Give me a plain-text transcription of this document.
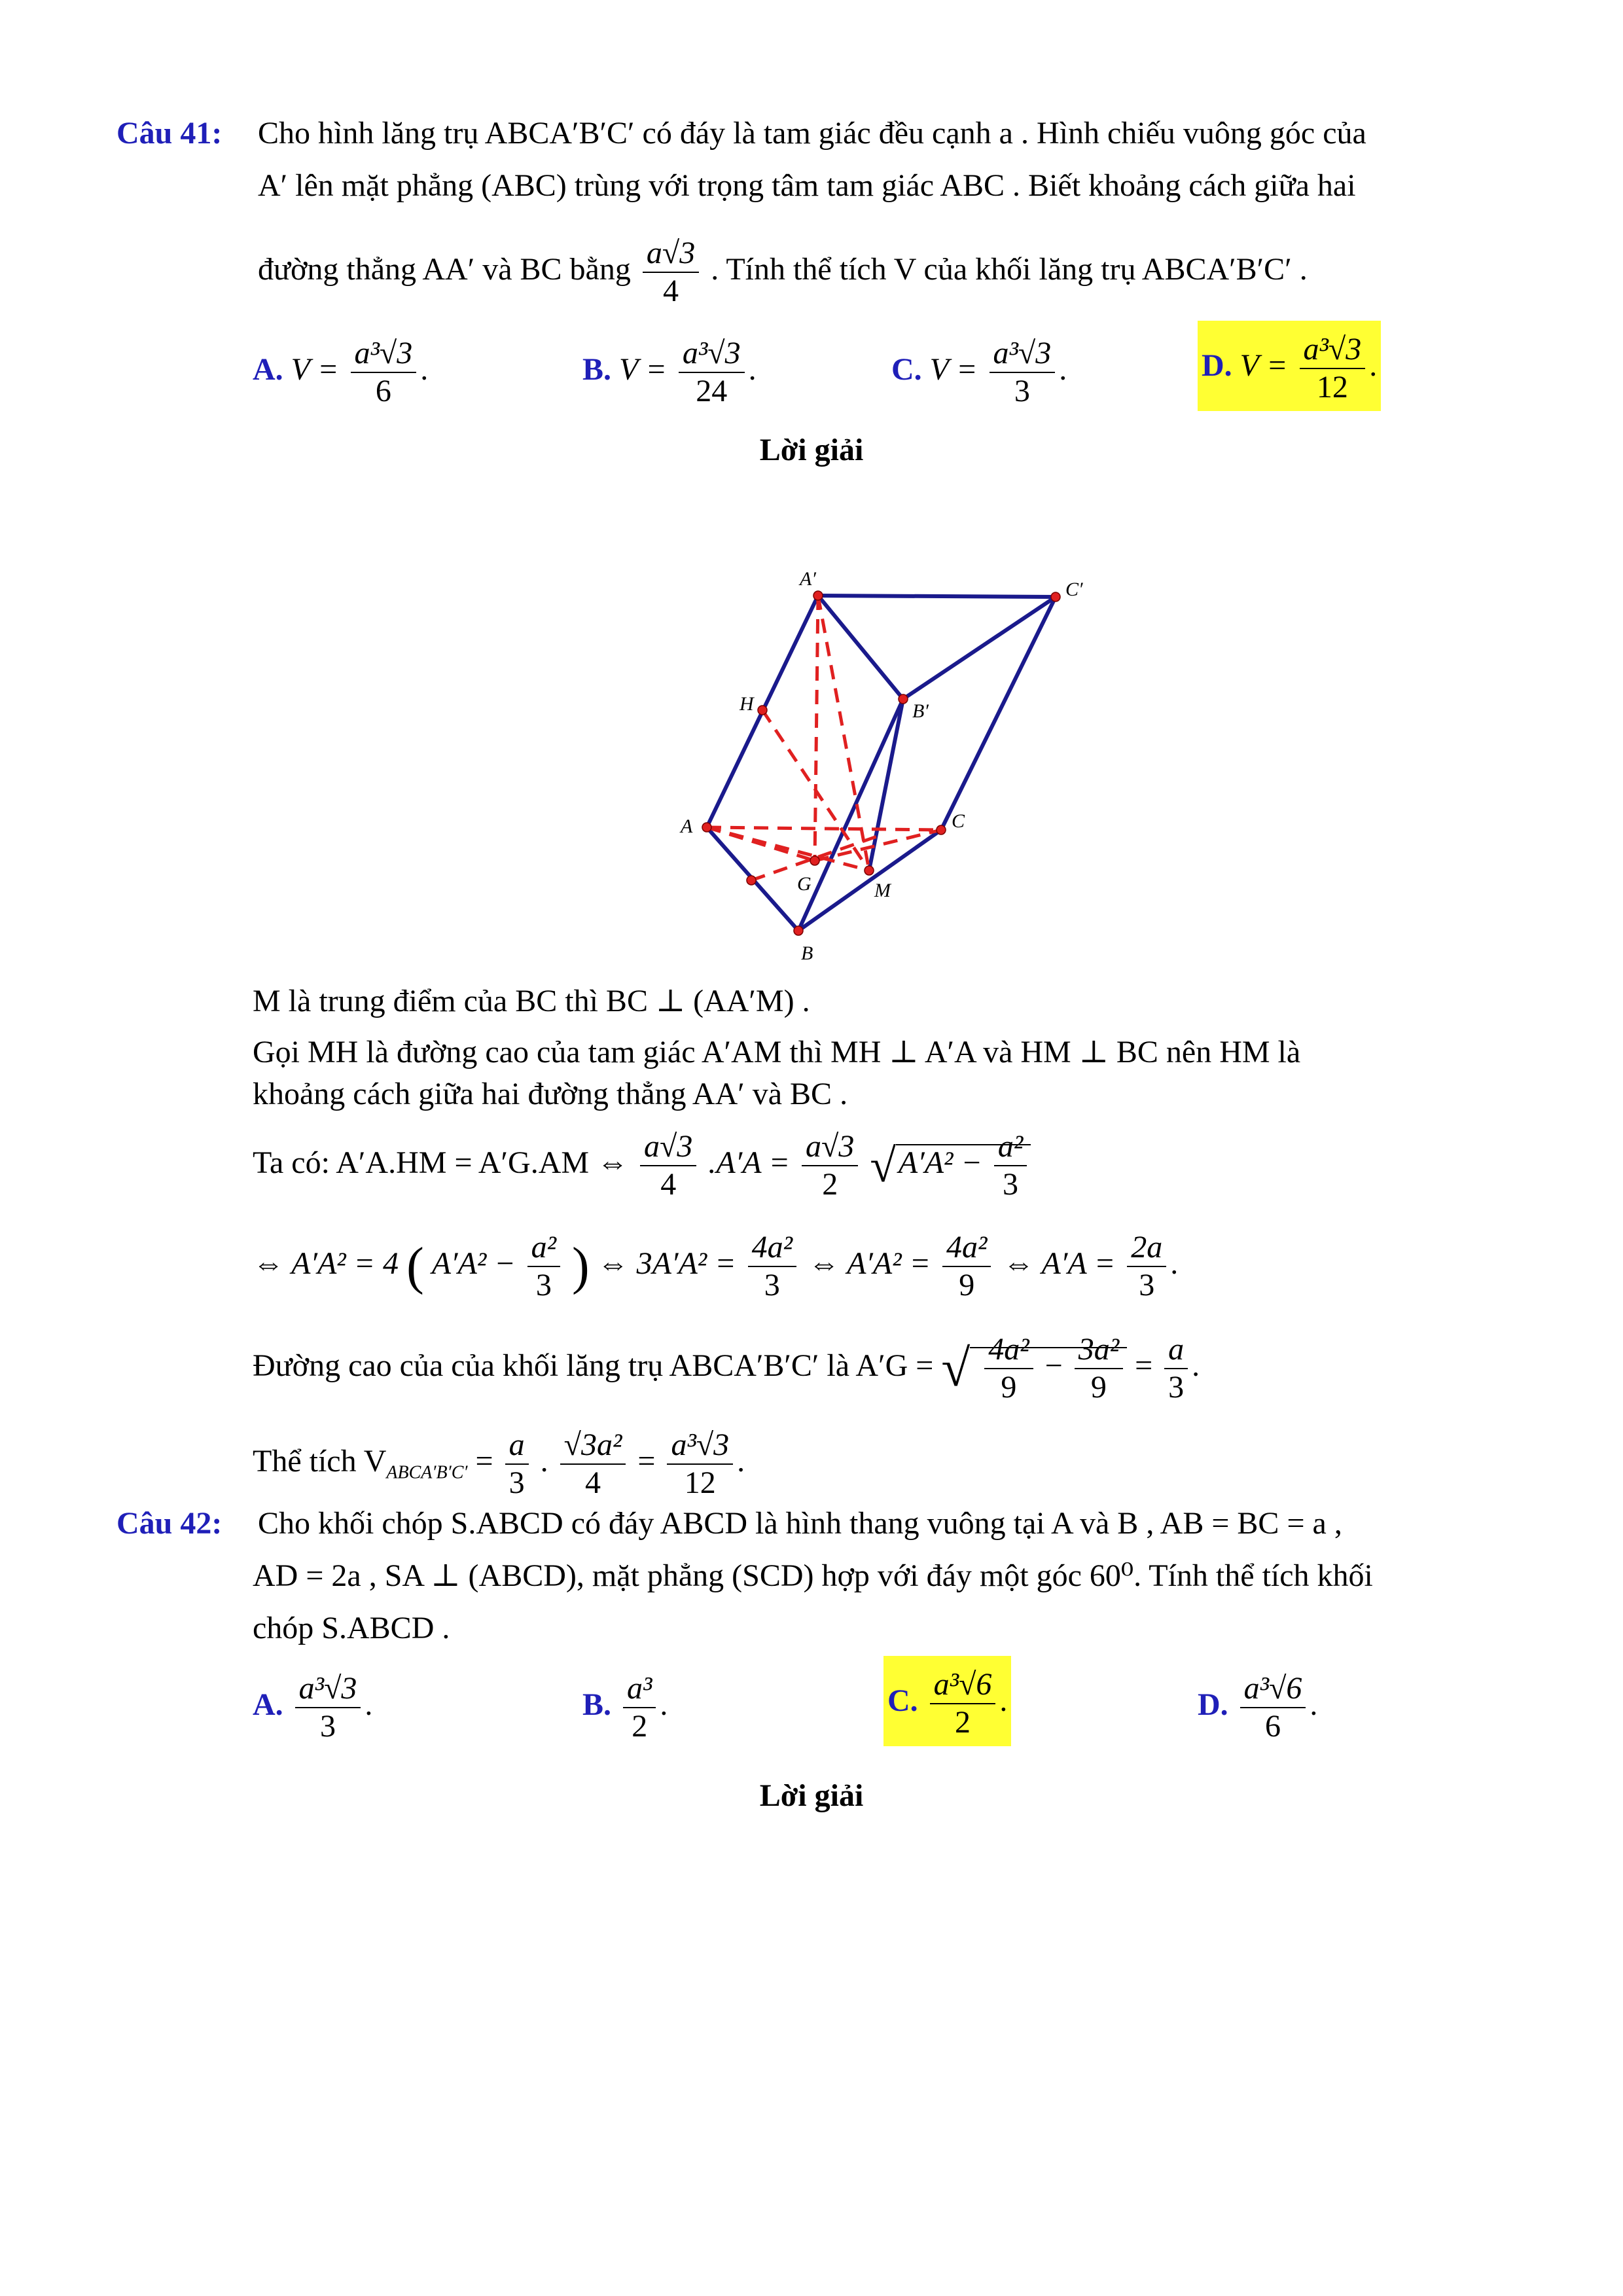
Câu 41: Cho hình lăng trụ ABCA′B′C′ có đáy là tam giác đều cạnh a . Hình chiếu vuông góc của
A′ lên mặt phẳng (ABC) trùng với trọng tâm tam giác ABC . Biết khoảng cách giữa hai
đường thẳng AA′ và BC bằng $\frac{a√3}{4}$ . Tính thể tích V của khối lăng trụ ABCA′B′C′ .
A. $V = \frac{\text{a³√3}}{6}$ .	B. $V = \frac{\text{a³√3}}{24}$ .	C. $V = \frac{\text{a³√3}}{3}$ .	D. $V = \frac{\text{a³√3}}{12}$ .
Lời giải
A′	C′
B′
H
A	C
G	M
B
M là trung điểm của BC thì BC ⊥ (AA′M) .
Gọi MH là đường cao của tam giác A′AM thì MH ⊥ A′A và HM ⊥ BC nên HM là
khoảng cách giữa hai đường thẳng AA′ và BC .
Ta có: A′A.HM = A′G.AM ⇔ $\frac{a√3}{4} .A'A = \frac{a√3}{2} √A'A^2 - \frac{\text{a²}}{3}$
⇔ A′A² = 4 ( $A'A^2 - \frac{\text{a²}}{3}$ ) ⇔ $3A'A^2 = \frac{\text{4a²}}{3}$ ⇔ $A'A^2 = \frac{\text{4a²}}{9}$ ⇔ $A'A = \frac{2a}{3}$ .
Đường cao của của khối lăng trụ ABCA′B′C′ là A′G = √ $\frac{\text{4a²}}{9} - \frac{\text{3a²}}{9} = \frac{a}{3}$ .
Thể tích $V_{ABCA'B'C'} = \frac{a}{3}$ . $\frac{\text{√3a²}}{4} = \frac{\text{a³√3}}{12}$ .
Câu 42: Cho khối chóp S.ABCD có đáy ABCD là hình thang vuông tại A và B , AB = BC = a ,
AD = 2a , SA ⊥ (ABCD), mặt phẳng (SCD) hợp với đáy một góc 60⁰. Tính thể tích khối
chóp S.ABCD .
A. $\frac{\text{a³√3}}{3}$ .	B. $\frac{\text{a³}}{2}$ .	C. $\frac{\text{a³√6}}{2}$ .	D. $\frac{\text{a³√6}}{6}$ .
Lời giải
